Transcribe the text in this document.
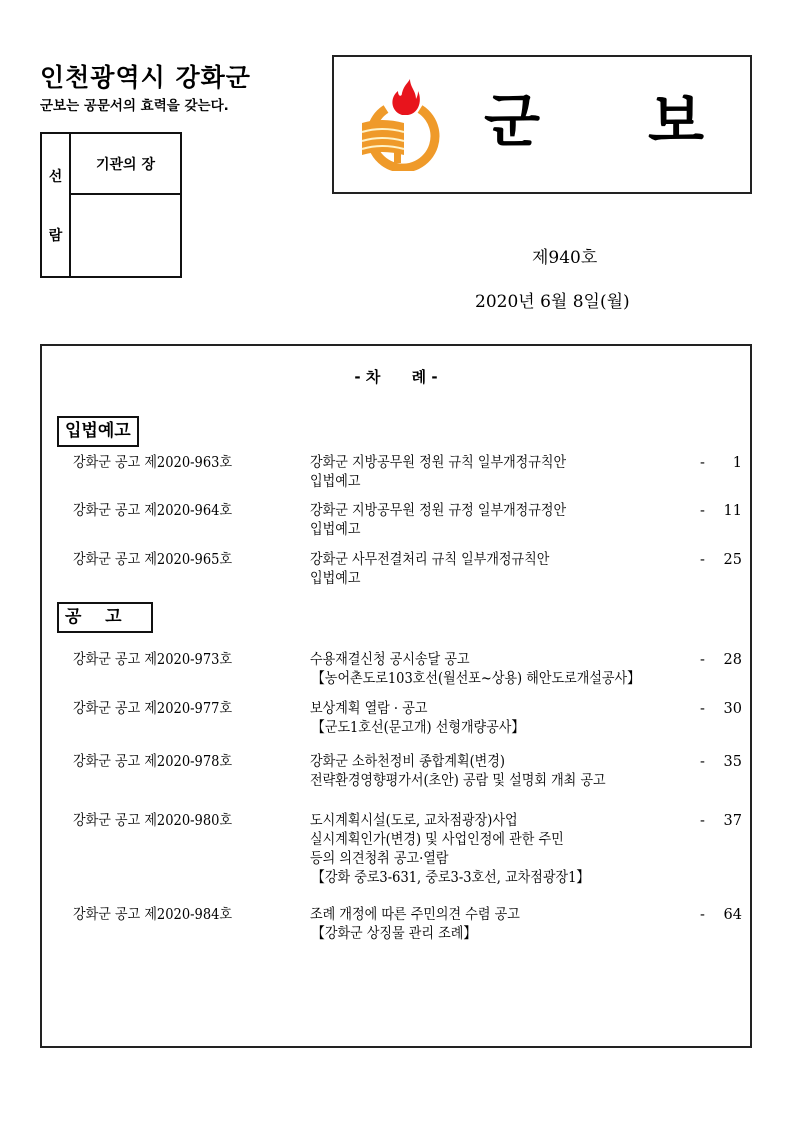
인천광역시 강화군
군보는 공문서의 효력을 갖는다.
선
람
기관의 장
군 보
제940호
2020년 6월 8일(월)
- 차      례 -
입법예고
강화군 공고 제2020-963호	강화군 지방공무원 정원 규칙 일부개정규칙안
입법예고
- 1
강화군 공고 제2020-964호	강화군 지방공무원 정원 규정 일부개정규정안
입법예고
- 11
강화군 공고 제2020-965호	강화군 사무전결처리 규칙 일부개정규칙안
입법예고
- 25
공    고
강화군 공고 제2020-973호	수용재결신청 공시송달 공고
【농어촌도로103호선(월선포~상용) 해안도로개설공사】
- 28
강화군 공고 제2020-977호	보상계획 열람 · 공고
【군도1호선(문고개) 선형개량공사】
- 30
강화군 공고 제2020-978호	강화군 소하천정비 종합계획(변경)
전략환경영향평가서(초안) 공람 및 설명회 개최 공고
- 35
강화군 공고 제2020-980호	도시계획시설(도로, 교차점광장)사업
실시계획인가(변경) 및 사업인정에 관한 주민
등의 의견청취 공고·열람
【강화 중로3-631, 중로3-3호선, 교차점광장1】
- 37
강화군 공고 제2020-984호	조례 개정에 따른 주민의견 수렴 공고
【강화군 상징물 관리 조례】
- 64
